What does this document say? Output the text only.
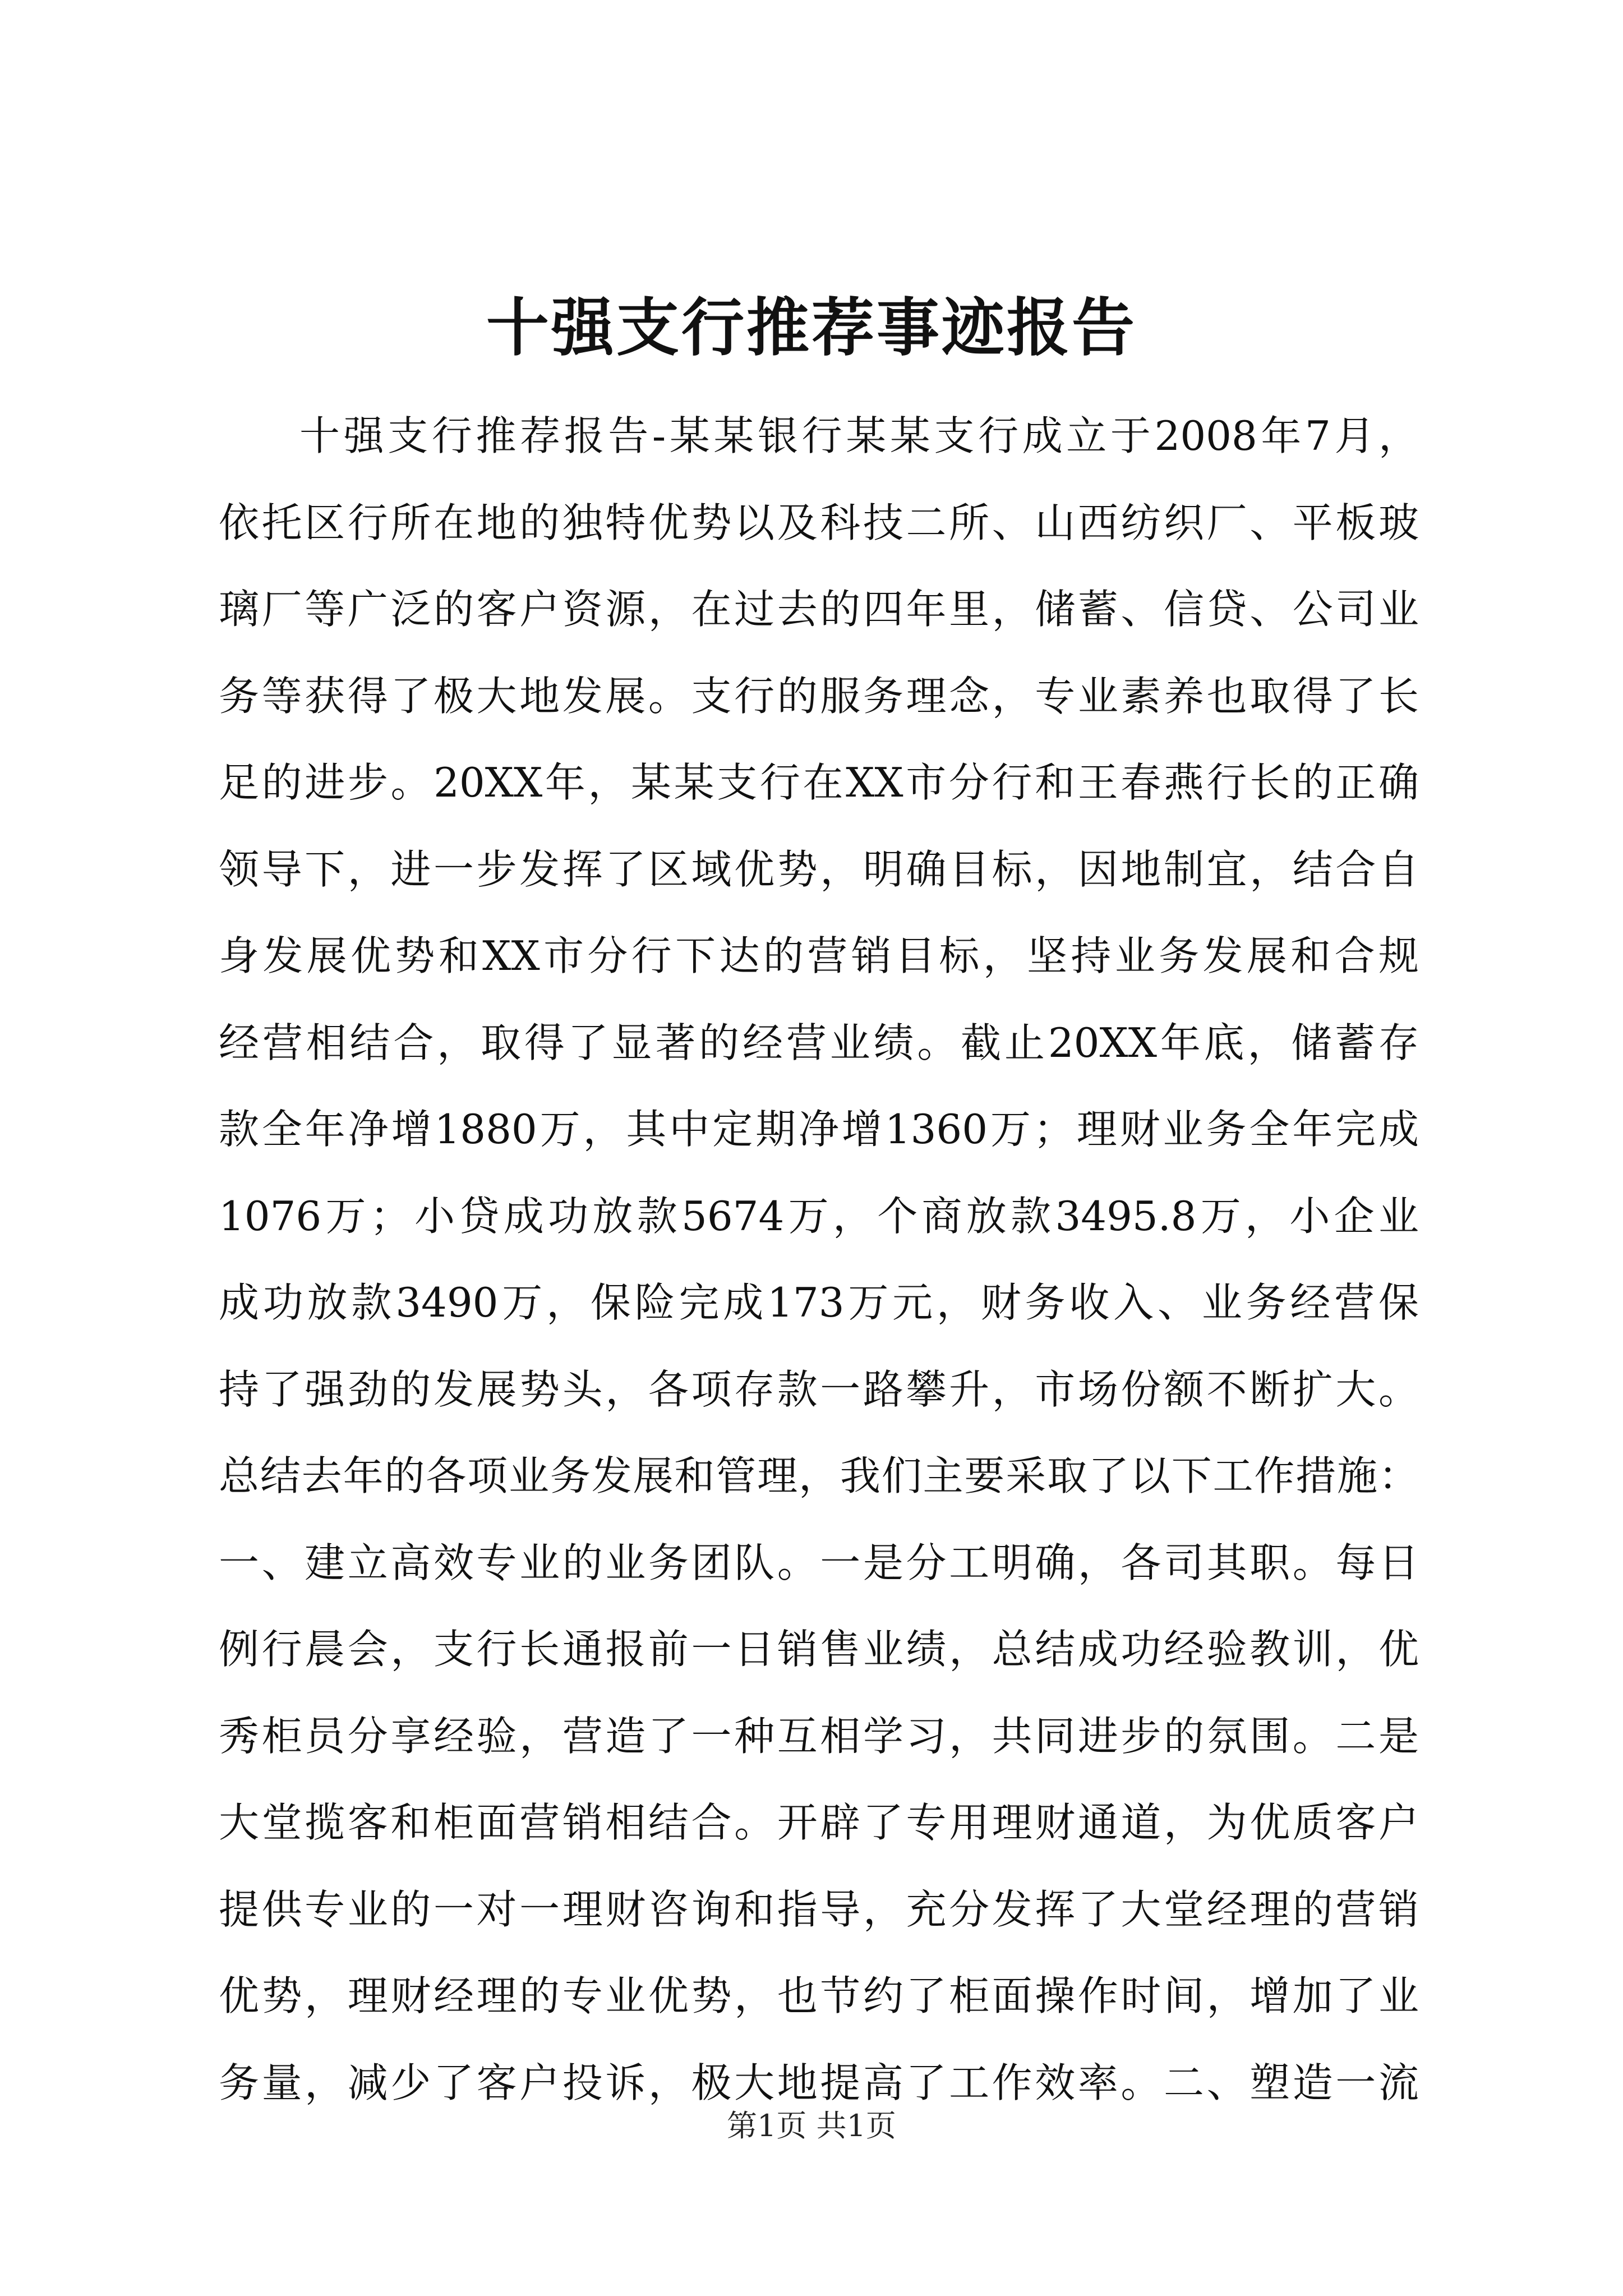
十强支行推荐事迹报告
十强支行推荐报告-某某银行某某支行成立于2008年7月，
依托区行所在地的独特优势以及科技二所、山西纺织厂、平板玻
璃厂等广泛的客户资源，在过去的四年里，储蓄、信贷、公司业
务等获得了极大地发展。支行的服务理念，专业素养也取得了长
足的进步。20XX年，某某支行在XX市分行和王春燕行长的正确
领导下，进一步发挥了区域优势，明确目标，因地制宜，结合自
身发展优势和XX市分行下达的营销目标，坚持业务发展和合规
经营相结合，取得了显著的经营业绩。截止20XX年底，储蓄存
款全年净增1880万，其中定期净增1360万；理财业务全年完成
1076万；小贷成功放款5674万，个商放款3495.8万，小企业
成功放款3490万，保险完成173万元，财务收入、业务经营保
持了强劲的发展势头，各项存款一路攀升，市场份额不断扩大。
总结去年的各项业务发展和管理，我们主要采取了以下工作措施：
一、建立高效专业的业务团队。一是分工明确，各司其职。每日
例行晨会，支行长通报前一日销售业绩，总结成功经验教训，优
秀柜员分享经验，营造了一种互相学习，共同进步的氛围。二是
大堂揽客和柜面营销相结合。开辟了专用理财通道，为优质客户
提供专业的一对一理财咨询和指导，充分发挥了大堂经理的营销
优势，理财经理的专业优势，也节约了柜面操作时间，增加了业
务量，减少了客户投诉，极大地提高了工作效率。二、塑造一流
第1页 共1页
